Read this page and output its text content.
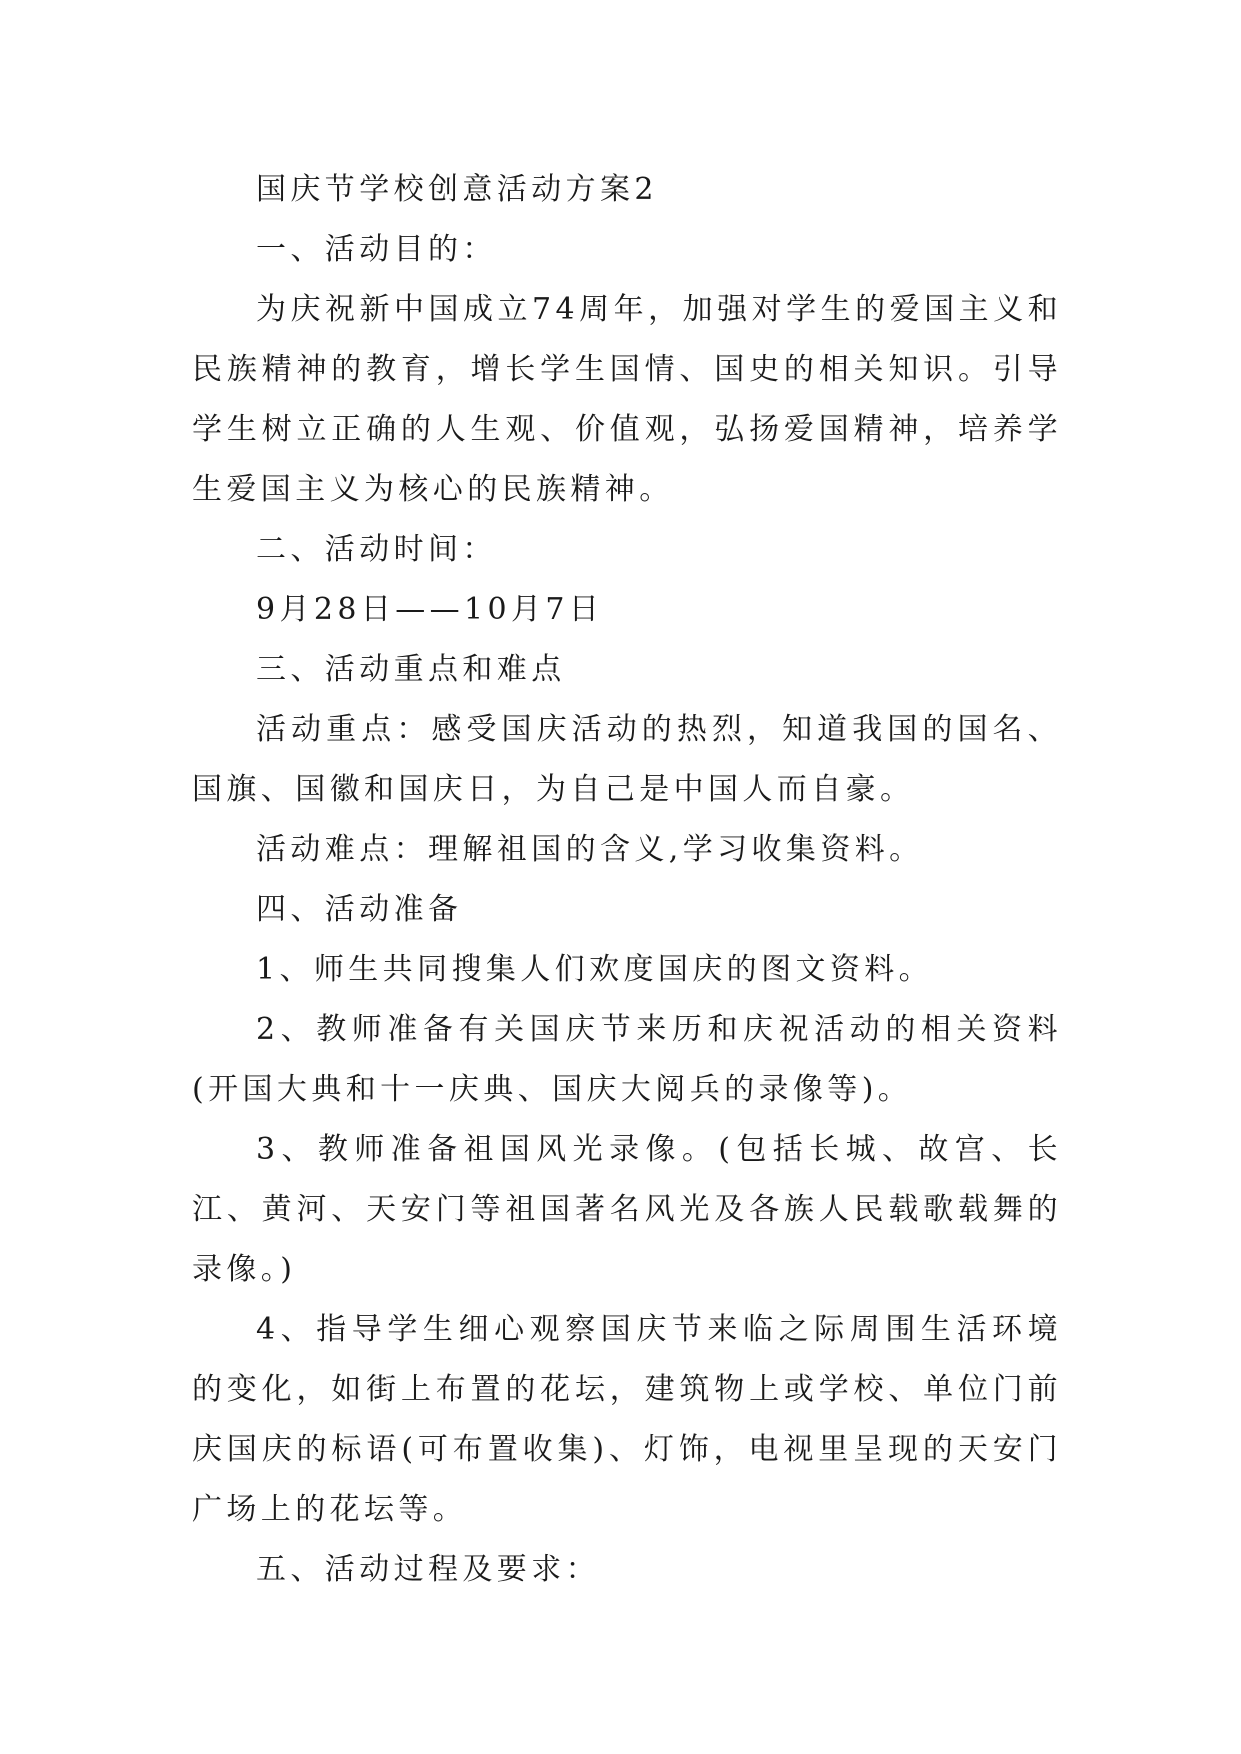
国庆节学校创意活动方案2

一、活动目的：

为庆祝新中国成立74周年，加强对学生的爱国主义和民族精神的教育，增长学生国情、国史的相关知识。引导学生树立正确的人生观、价值观，弘扬爱国精神，培养学生爱国主义为核心的民族精神。

二、活动时间：

9月28日——10月7日

三、活动重点和难点

活动重点：感受国庆活动的热烈，知道我国的国名、国旗、国徽和国庆日，为自己是中国人而自豪。

活动难点：理解祖国的含义,学习收集资料。

四、活动准备

1、师生共同搜集人们欢度国庆的图文资料。

2、教师准备有关国庆节来历和庆祝活动的相关资料(开国大典和十一庆典、国庆大阅兵的录像等)。

3、教师准备祖国风光录像。(包括长城、故宫、长江、黄河、天安门等祖国著名风光及各族人民载歌载舞的录像。)

4、指导学生细心观察国庆节来临之际周围生活环境的变化，如街上布置的花坛，建筑物上或学校、单位门前庆国庆的标语(可布置收集)、灯饰，电视里呈现的天安门广场上的花坛等。

五、活动过程及要求：
